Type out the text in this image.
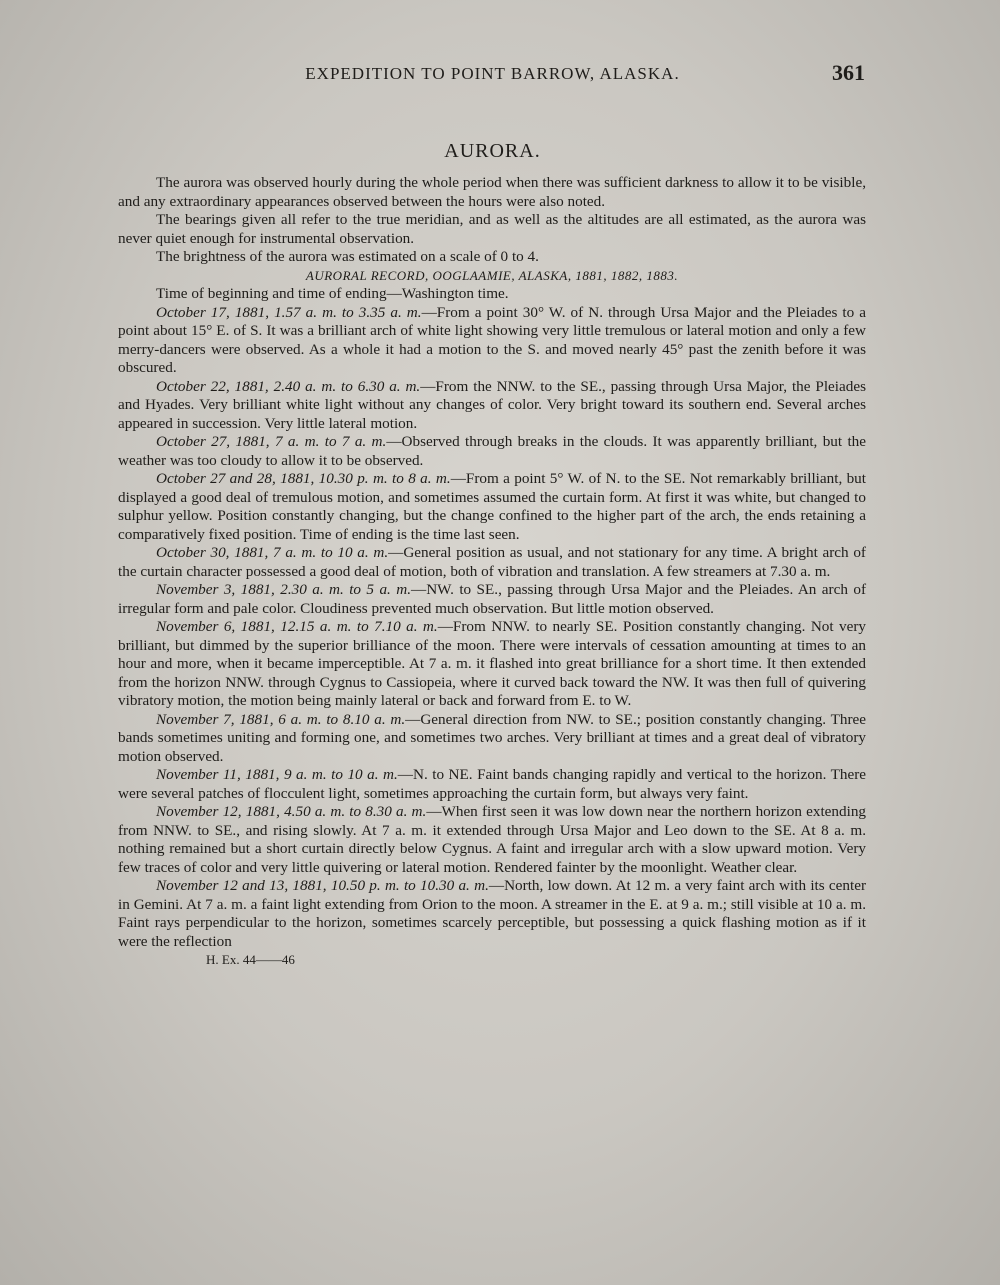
EXPEDITION TO POINT BARROW, ALASKA.	361
AURORA.

The aurora was observed hourly during the whole period when there was sufficient darkness to allow it to be visible, and any extraordinary appearances observed between the hours were also noted.

The bearings given all refer to the true meridian, and as well as the altitudes are all estimated, as the aurora was never quiet enough for instrumental observation.

The brightness of the aurora was estimated on a scale of 0 to 4.

AURORAL RECORD, OOGLAAMIE, ALASKA, 1881, 1882, 1883.

Time of beginning and time of ending—Washington time.

October 17, 1881, 1.57 a. m. to 3.35 a. m.—From a point 30° W. of N. through Ursa Major and the Pleiades to a point about 15° E. of S. It was a brilliant arch of white light showing very little tremulous or lateral motion and only a few merry-dancers were observed. As a whole it had a motion to the S. and moved nearly 45° past the zenith before it was obscured.

October 22, 1881, 2.40 a. m. to 6.30 a. m.—From the NNW. to the SE., passing through Ursa Major, the Pleiades and Hyades. Very brilliant white light without any changes of color. Very bright toward its southern end. Several arches appeared in succession. Very little lateral motion.

October 27, 1881, 7 a. m. to 7 a. m.—Observed through breaks in the clouds. It was apparently brilliant, but the weather was too cloudy to allow it to be observed.

October 27 and 28, 1881, 10.30 p. m. to 8 a. m.—From a point 5° W. of N. to the SE. Not remarkably brilliant, but displayed a good deal of tremulous motion, and sometimes assumed the curtain form. At first it was white, but changed to sulphur yellow. Position constantly changing, but the change confined to the higher part of the arch, the ends retaining a comparatively fixed position. Time of ending is the time last seen.

October 30, 1881, 7 a. m. to 10 a. m.—General position as usual, and not stationary for any time. A bright arch of the curtain character possessed a good deal of motion, both of vibration and translation. A few streamers at 7.30 a. m.

November 3, 1881, 2.30 a. m. to 5 a. m.—NW. to SE., passing through Ursa Major and the Pleiades. An arch of irregular form and pale color. Cloudiness prevented much observation. But little motion observed.

November 6, 1881, 12.15 a. m. to 7.10 a. m.—From NNW. to nearly SE. Position constantly changing. Not very brilliant, but dimmed by the superior brilliance of the moon. There were intervals of cessation amounting at times to an hour and more, when it became imperceptible. At 7 a. m. it flashed into great brilliance for a short time. It then extended from the horizon NNW. through Cygnus to Cassiopeia, where it curved back toward the NW. It was then full of quivering vibratory motion, the motion being mainly lateral or back and forward from E. to W.

November 7, 1881, 6 a. m. to 8.10 a. m.—General direction from NW. to SE.; position constantly changing. Three bands sometimes uniting and forming one, and sometimes two arches. Very brilliant at times and a great deal of vibratory motion observed.

November 11, 1881, 9 a. m. to 10 a. m.—N. to NE. Faint bands changing rapidly and vertical to the horizon. There were several patches of flocculent light, sometimes approaching the curtain form, but always very faint.

November 12, 1881, 4.50 a. m. to 8.30 a. m.—When first seen it was low down near the northern horizon extending from NNW. to SE., and rising slowly. At 7 a. m. it extended through Ursa Major and Leo down to the SE. At 8 a. m. nothing remained but a short curtain directly below Cygnus. A faint and irregular arch with a slow upward motion. Very few traces of color and very little quivering or lateral motion. Rendered fainter by the moonlight. Weather clear.

November 12 and 13, 1881, 10.50 p. m. to 10.30 a. m.—North, low down. At 12 m. a very faint arch with its center in Gemini. At 7 a. m. a faint light extending from Orion to the moon. A streamer in the E. at 9 a. m.; still visible at 10 a. m. Faint rays perpendicular to the horizon, sometimes scarcely perceptible, but possessing a quick flashing motion as if it were the reflection

H. Ex. 44——46
